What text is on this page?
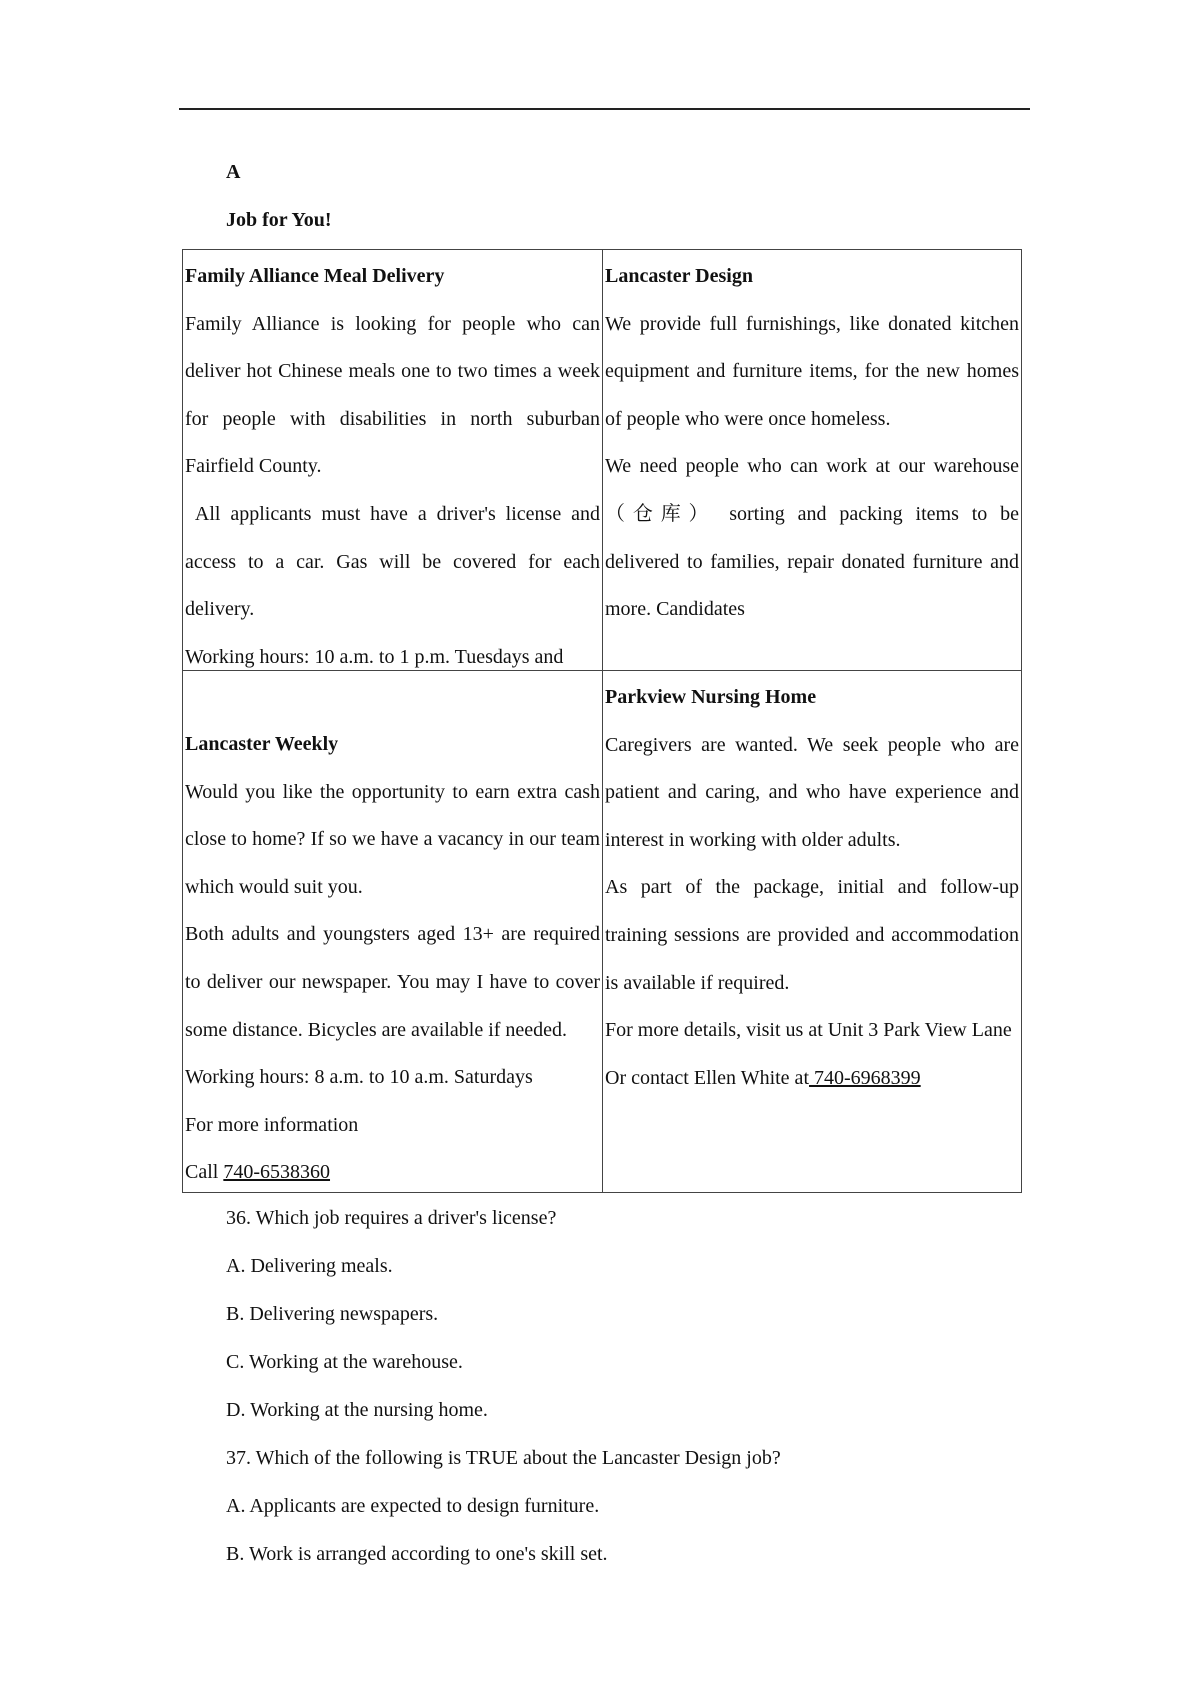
A
Job for You!

Family Alliance Meal Delivery

Family Alliance is looking for people who can deliver hot Chinese meals one to two times a week for people with disabilities in north suburban Fairfield County.

All applicants must have a driver's license and access to a car. Gas will be covered for each delivery.

Working hours: 10 a.m. to 1 p.m. Tuesdays and

Lancaster Design

We provide full furnishings, like donated kitchen equipment and furniture items, for the new homes of people who were once homeless.

We need people who can work at our warehouse （仓库） sorting and packing items to be delivered to families, repair donated furniture and more. Candidates

Lancaster Weekly

Would you like the opportunity to earn extra cash close to home? If so we have a vacancy in our team which would suit you.

Both adults and youngsters aged 13+ are required to deliver our newspaper. You may I have to cover some distance. Bicycles are available if needed.

Working hours: 8 a.m. to 10 a.m. Saturdays

For more information

Call 740-6538360

Parkview Nursing Home

Caregivers are wanted. We seek people who are patient and caring, and who have experience and interest in working with older adults.

As part of the package, initial and follow-up training sessions are provided and accommodation is available if required.

For more details, visit us at Unit 3 Park View Lane

Or contact Ellen White at 740-6968399

36. Which job requires a driver's license?
A. Delivering meals.
B. Delivering newspapers.
C. Working at the warehouse.
D. Working at the nursing home.
37. Which of the following is TRUE about the Lancaster Design job?
A. Applicants are expected to design furniture.
B. Work is arranged according to one's skill set.
